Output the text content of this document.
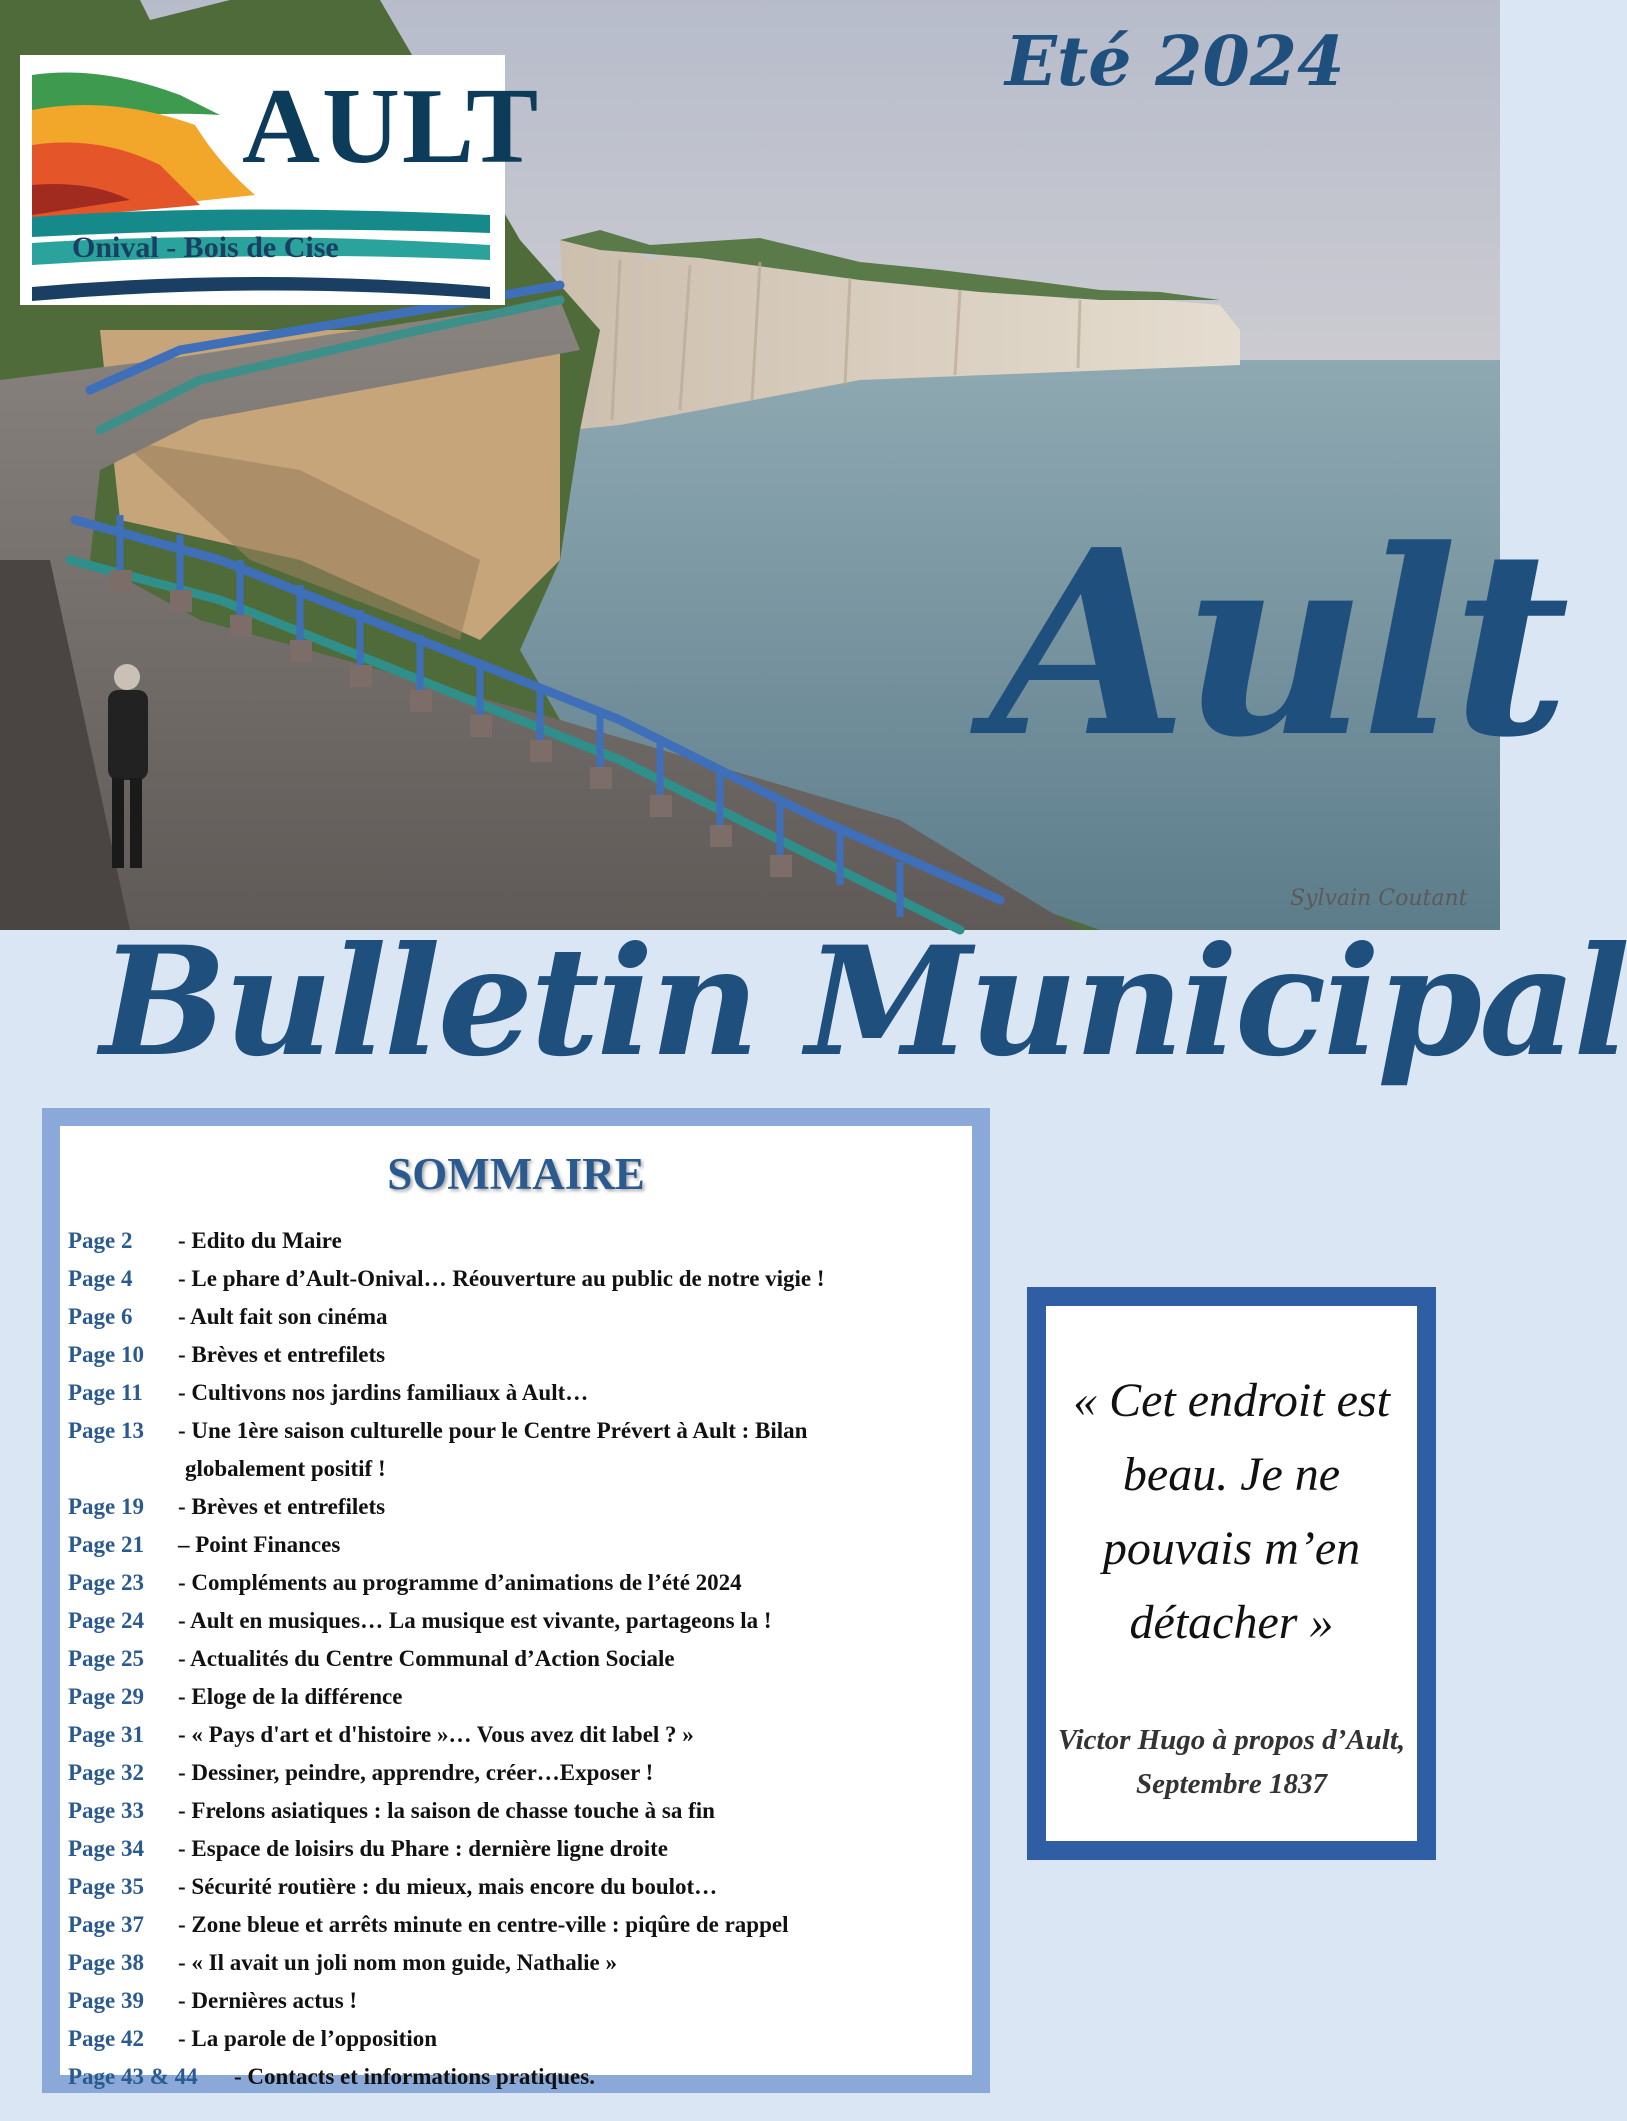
AULT
Onival - Bois de Cise
Eté 2024
Ault
Sylvain Coutant
Bulletin Municipal
SOMMAIRE
Page 2 - Edito du Maire
Page 4 - Le phare d’Ault-Onival… Réouverture au public de notre vigie !
Page 6 - Ault fait son cinéma
Page 10 - Brèves et entrefilets
Page 11 - Cultivons nos jardins familiaux à Ault…
Page 13 - Une 1ère saison culturelle pour le Centre Prévert à Ault : Bilan
globalement positif !
Page 19 - Brèves et entrefilets
Page 21 – Point Finances
Page 23 - Compléments au programme d’animations de l’été 2024
Page 24 - Ault en musiques… La musique est vivante, partageons la !
Page 25 - Actualités du Centre Communal d’Action Sociale
Page 29 - Eloge de la différence
Page 31 - « Pays d'art et d'histoire »… Vous avez dit label ? »
Page 32 - Dessiner, peindre, apprendre, créer…Exposer !
Page 33 - Frelons asiatiques : la saison de chasse touche à sa fin
Page 34 - Espace de loisirs du Phare : dernière ligne droite
Page 35 - Sécurité routière : du mieux, mais encore du boulot…
Page 37 - Zone bleue et arrêts minute en centre-ville : piqûre de rappel
Page 38 - « Il avait un joli nom mon guide, Nathalie »
Page 39 - Dernières actus !
Page 42 - La parole de l’opposition
Page 43 & 44 - Contacts et informations pratiques.
« Cet endroit est beau. Je ne pouvais m’en détacher »
Victor Hugo à propos d’Ault, Septembre 1837
